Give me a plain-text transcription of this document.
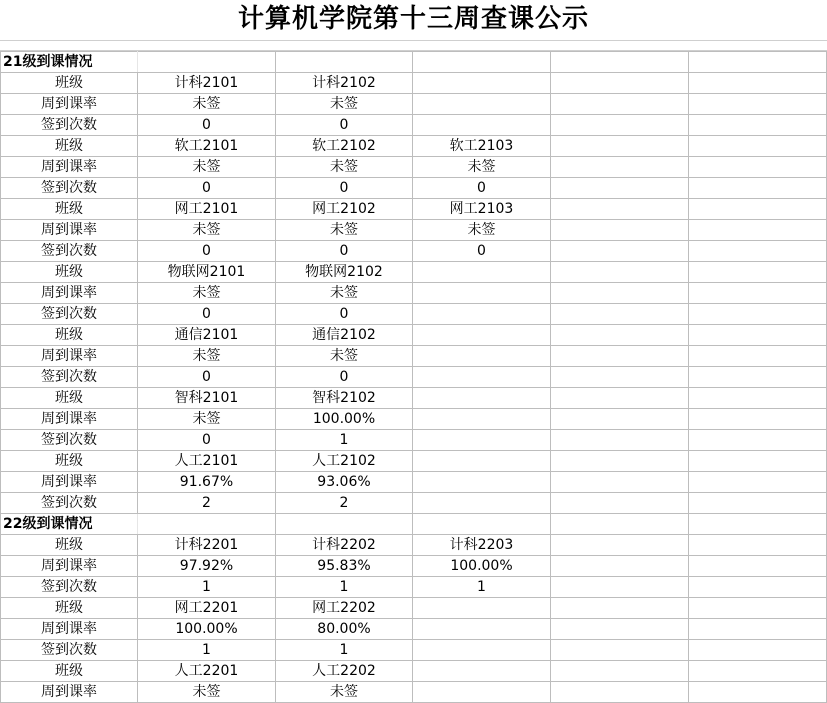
计算机学院第十三周查课公示
21级到课情况					
班级	计科2101	计科2102			
周到课率	未签	未签			
签到次数	0	0			
班级	软工2101	软工2102	软工2103		
周到课率	未签	未签	未签		
签到次数	0	0	0		
班级	网工2101	网工2102	网工2103		
周到课率	未签	未签	未签		
签到次数	0	0	0		
班级	物联网2101	物联网2102			
周到课率	未签	未签			
签到次数	0	0			
班级	通信2101	通信2102			
周到课率	未签	未签			
签到次数	0	0			
班级	智科2101	智科2102			
周到课率	未签	100.00%			
签到次数	0	1			
班级	人工2101	人工2102			
周到课率	91.67%	93.06%			
签到次数	2	2			
22级到课情况					
班级	计科2201	计科2202	计科2203		
周到课率	97.92%	95.83%	100.00%		
签到次数	1	1	1		
班级	网工2201	网工2202			
周到课率	100.00%	80.00%			
签到次数	1	1			
班级	人工2201	人工2202			
周到课率	未签	未签			
